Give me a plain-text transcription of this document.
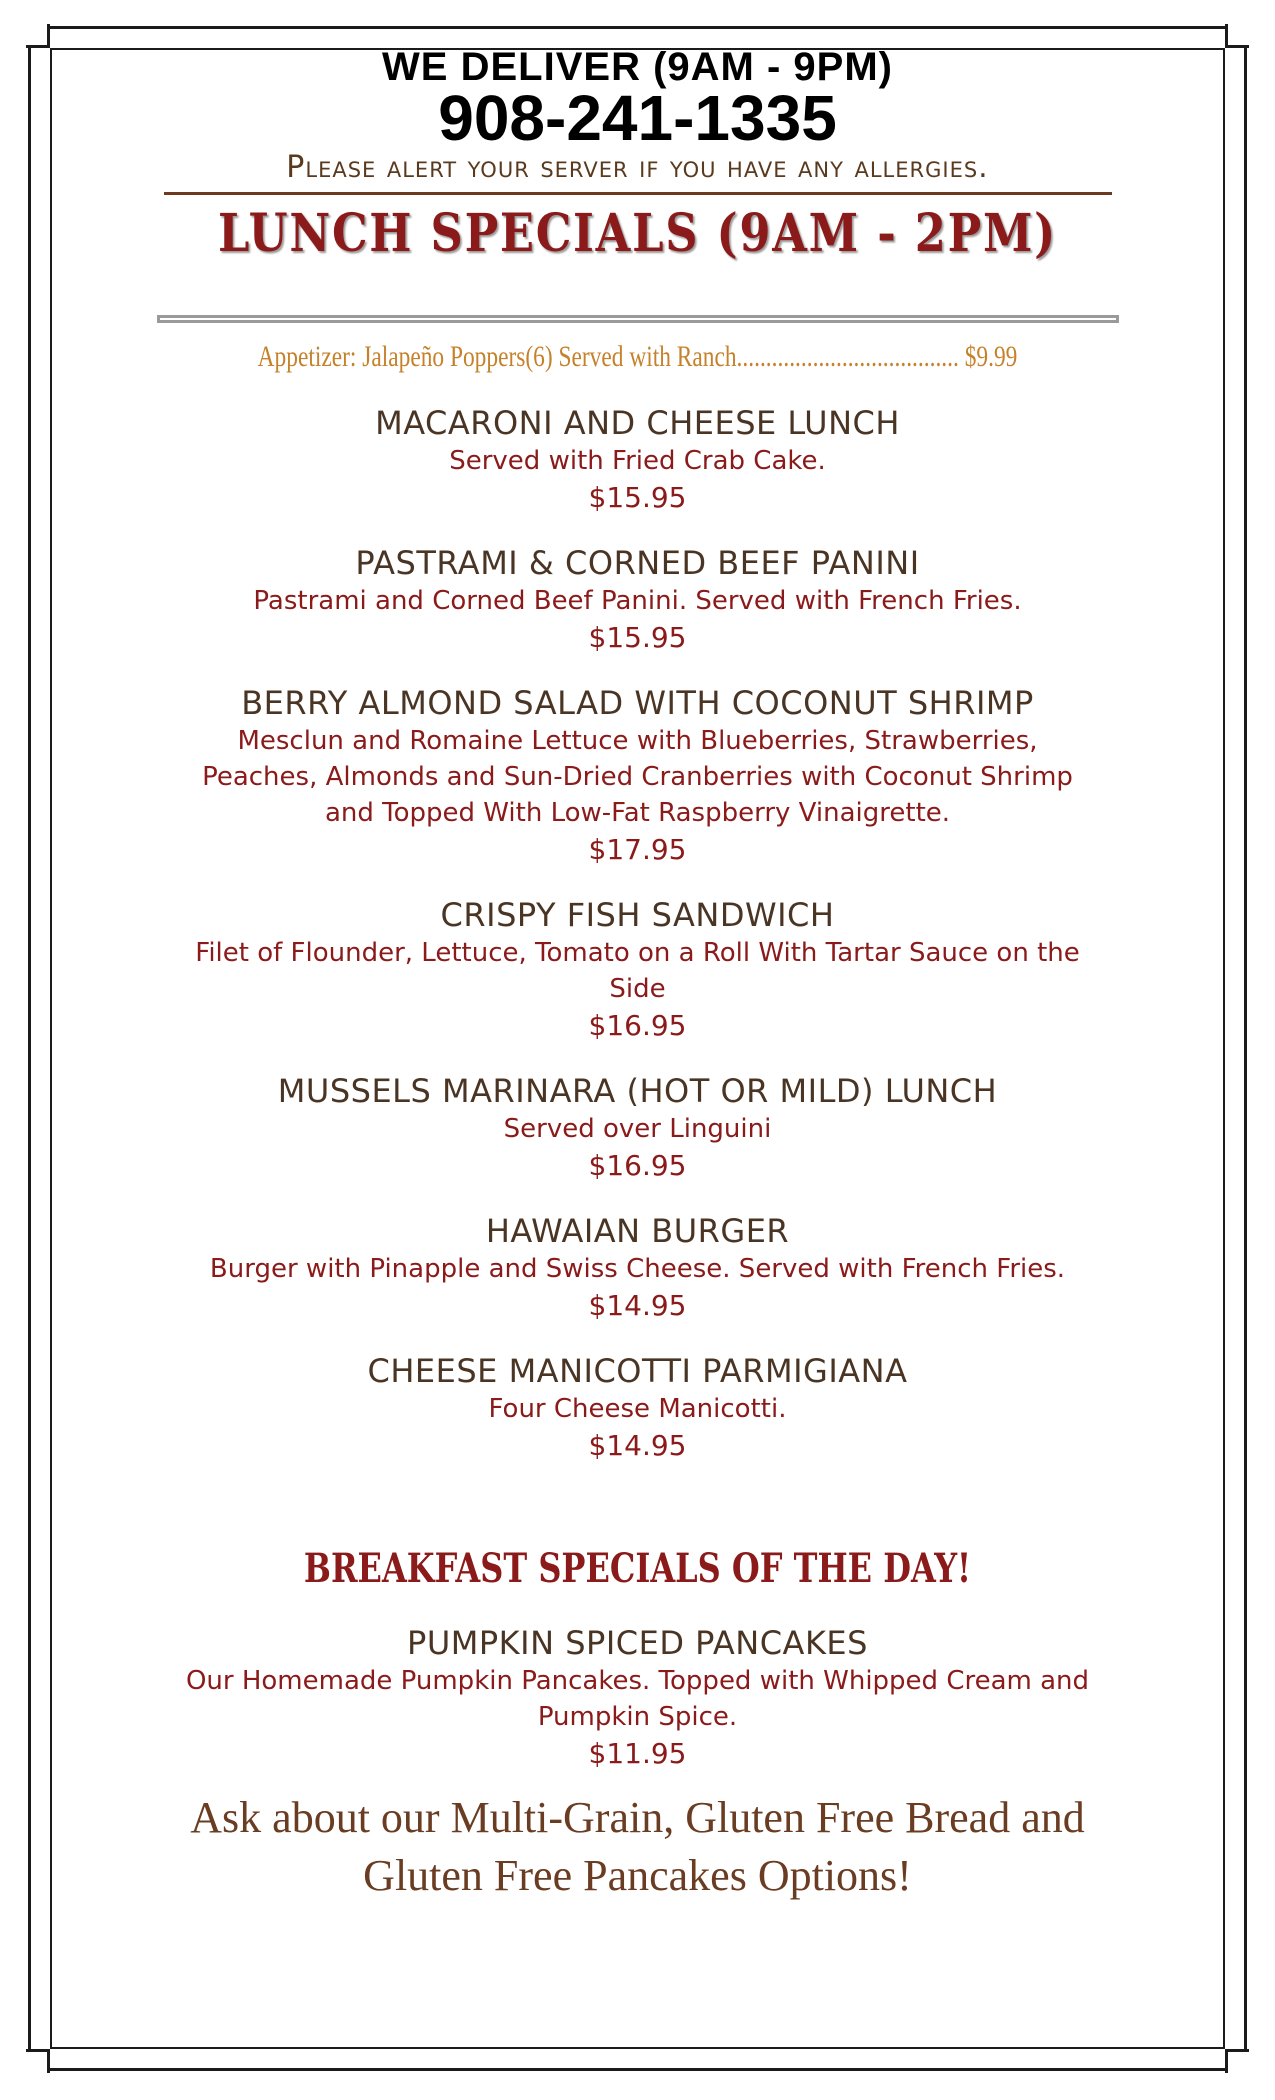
WE DELIVER (9AM - 9PM)
908-241-1335
Please alert your server if you have any allergies.
LUNCH SPECIALS (9AM - 2PM)
Appetizer: Jalapeño Poppers(6) Served with Ranch...................................... $9.99
MACARONI AND CHEESE LUNCH
Served with Fried Crab Cake.
$15.95
PASTRAMI & CORNED BEEF PANINI
Pastrami and Corned Beef Panini. Served with French Fries.
$15.95
BERRY ALMOND SALAD WITH COCONUT SHRIMP
Mesclun and Romaine Lettuce with Blueberries, Strawberries, Peaches, Almonds and Sun-Dried Cranberries with Coconut Shrimp and Topped With Low-Fat Raspberry Vinaigrette.
$17.95
CRISPY FISH SANDWICH
Filet of Flounder, Lettuce, Tomato on a Roll With Tartar Sauce on the Side
$16.95
MUSSELS MARINARA (HOT OR MILD) LUNCH
Served over Linguini
$16.95
HAWAIAN BURGER
Burger with Pinapple and Swiss Cheese. Served with French Fries.
$14.95
CHEESE MANICOTTI PARMIGIANA
Four Cheese Manicotti.
$14.95
BREAKFAST SPECIALS OF THE DAY!
PUMPKIN SPICED PANCAKES
Our Homemade Pumpkin Pancakes. Topped with Whipped Cream and Pumpkin Spice.
$11.95
Ask about our Multi-Grain, Gluten Free Bread and Gluten Free Pancakes Options!
